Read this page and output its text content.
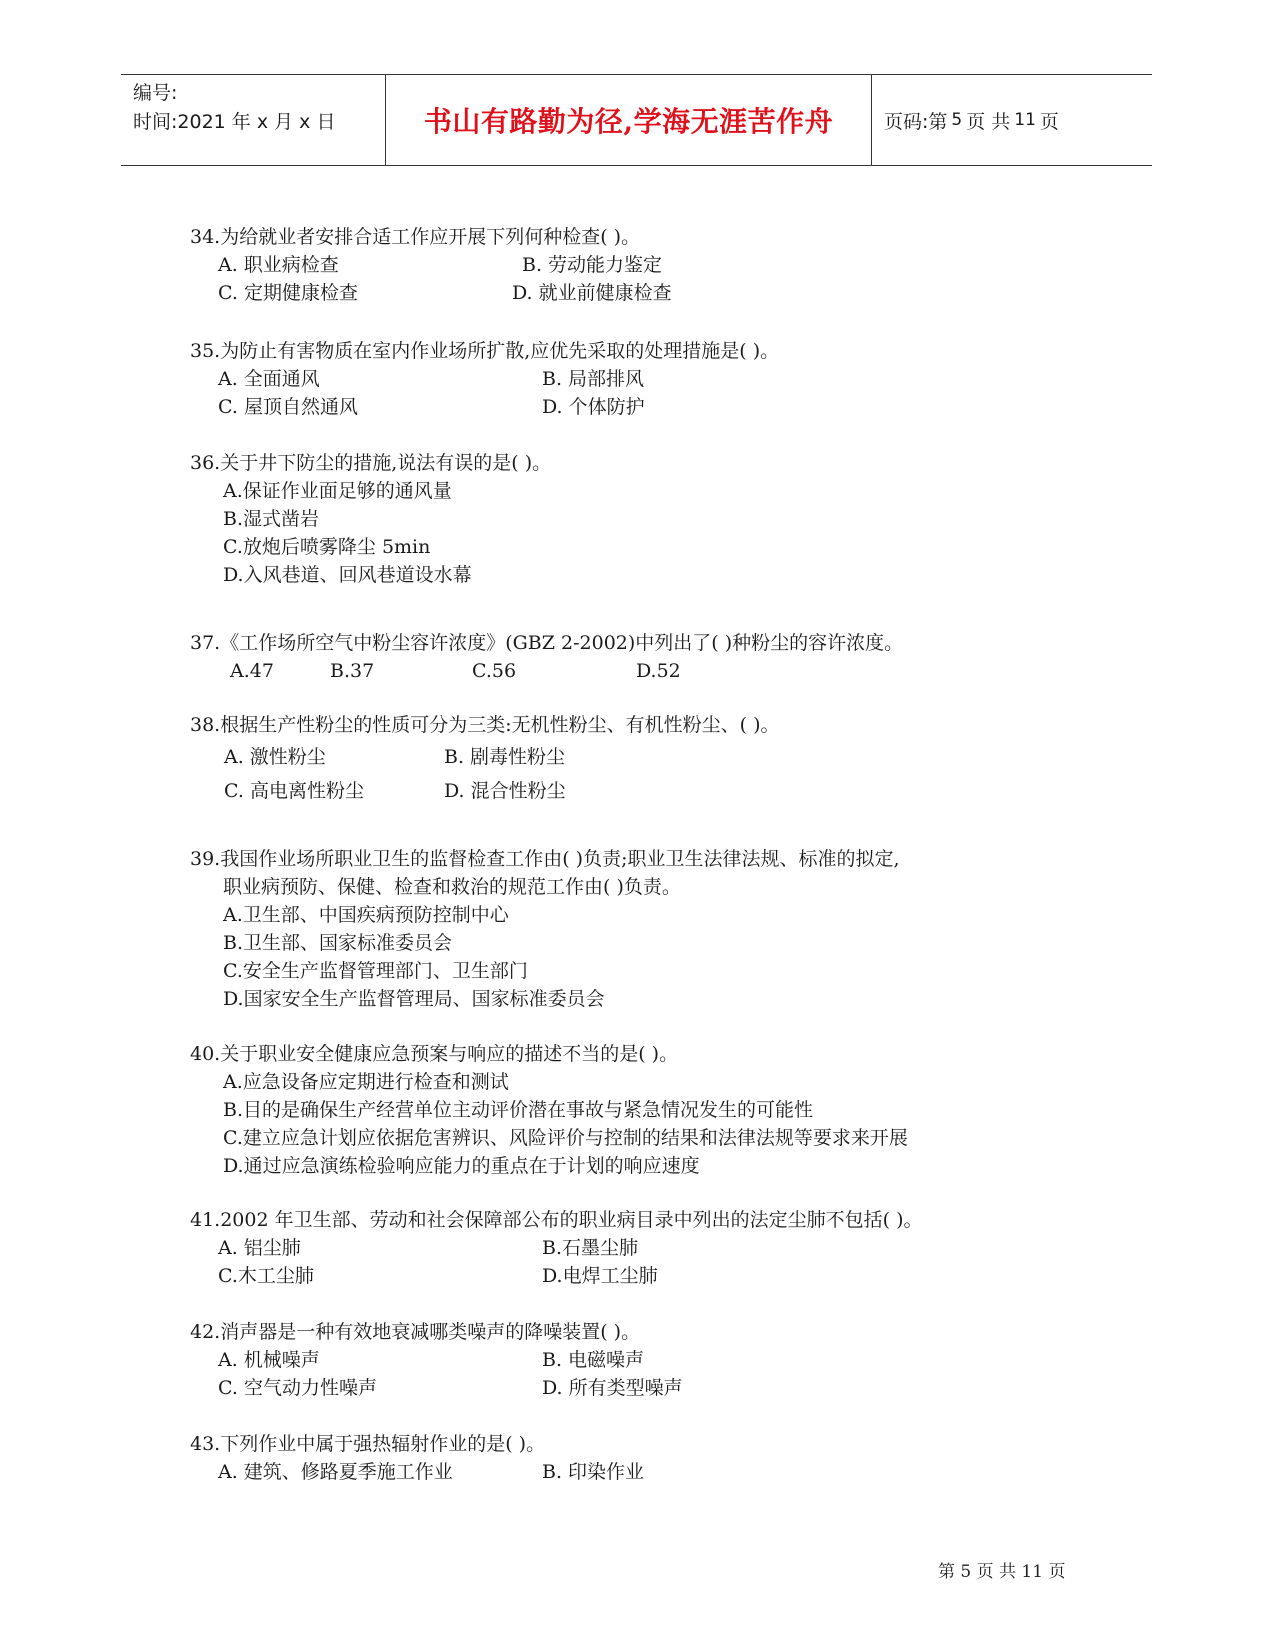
编号:
时间:2021 年 x 月 x 日	书山有路勤为径,学海无涯苦作舟	页码:第 5 页 共 11 页
34.为给就业者安排合适工作应开展下列何种检查( )。
A. 职业病检查	B. 劳动能力鉴定
C. 定期健康检查	D. 就业前健康检查
35.为防止有害物质在室内作业场所扩散,应优先采取的处理措施是( )。
A. 全面通风	B. 局部排风
C. 屋顶自然通风	D. 个体防护
36.关于井下防尘的措施,说法有误的是( )。
A.保证作业面足够的通风量
B.湿式凿岩
C.放炮后喷雾降尘 5min
D.入风巷道、回风巷道设水幕
37.《工作场所空气中粉尘容许浓度》(GBZ 2-2002)中列出了( )种粉尘的容许浓度。
A.47	B.37	C.56	D.52
38.根据生产性粉尘的性质可分为三类:无机性粉尘、有机性粉尘、( )。
A. 激性粉尘	B. 剧毒性粉尘
C. 高电离性粉尘	D. 混合性粉尘
39.我国作业场所职业卫生的监督检查工作由( )负责;职业卫生法律法规、标准的拟定,
职业病预防、保健、检查和救治的规范工作由( )负责。
A.卫生部、中国疾病预防控制中心
B.卫生部、国家标准委员会
C.安全生产监督管理部门、卫生部门
D.国家安全生产监督管理局、国家标准委员会
40.关于职业安全健康应急预案与响应的描述不当的是( )。
A.应急设备应定期进行检查和测试
B.目的是确保生产经营单位主动评价潜在事故与紧急情况发生的可能性
C.建立应急计划应依据危害辨识、风险评价与控制的结果和法律法规等要求来开展
D.通过应急演练检验响应能力的重点在于计划的响应速度
41.2002 年卫生部、劳动和社会保障部公布的职业病目录中列出的法定尘肺不包括( )。
A. 铝尘肺	B.石墨尘肺
C.木工尘肺	D.电焊工尘肺
42.消声器是一种有效地衰减哪类噪声的降噪装置( )。
A. 机械噪声	B. 电磁噪声
C. 空气动力性噪声	D. 所有类型噪声
43.下列作业中属于强热辐射作业的是( )。
A. 建筑、修路夏季施工作业	B. 印染作业
第 5 页 共 11 页
